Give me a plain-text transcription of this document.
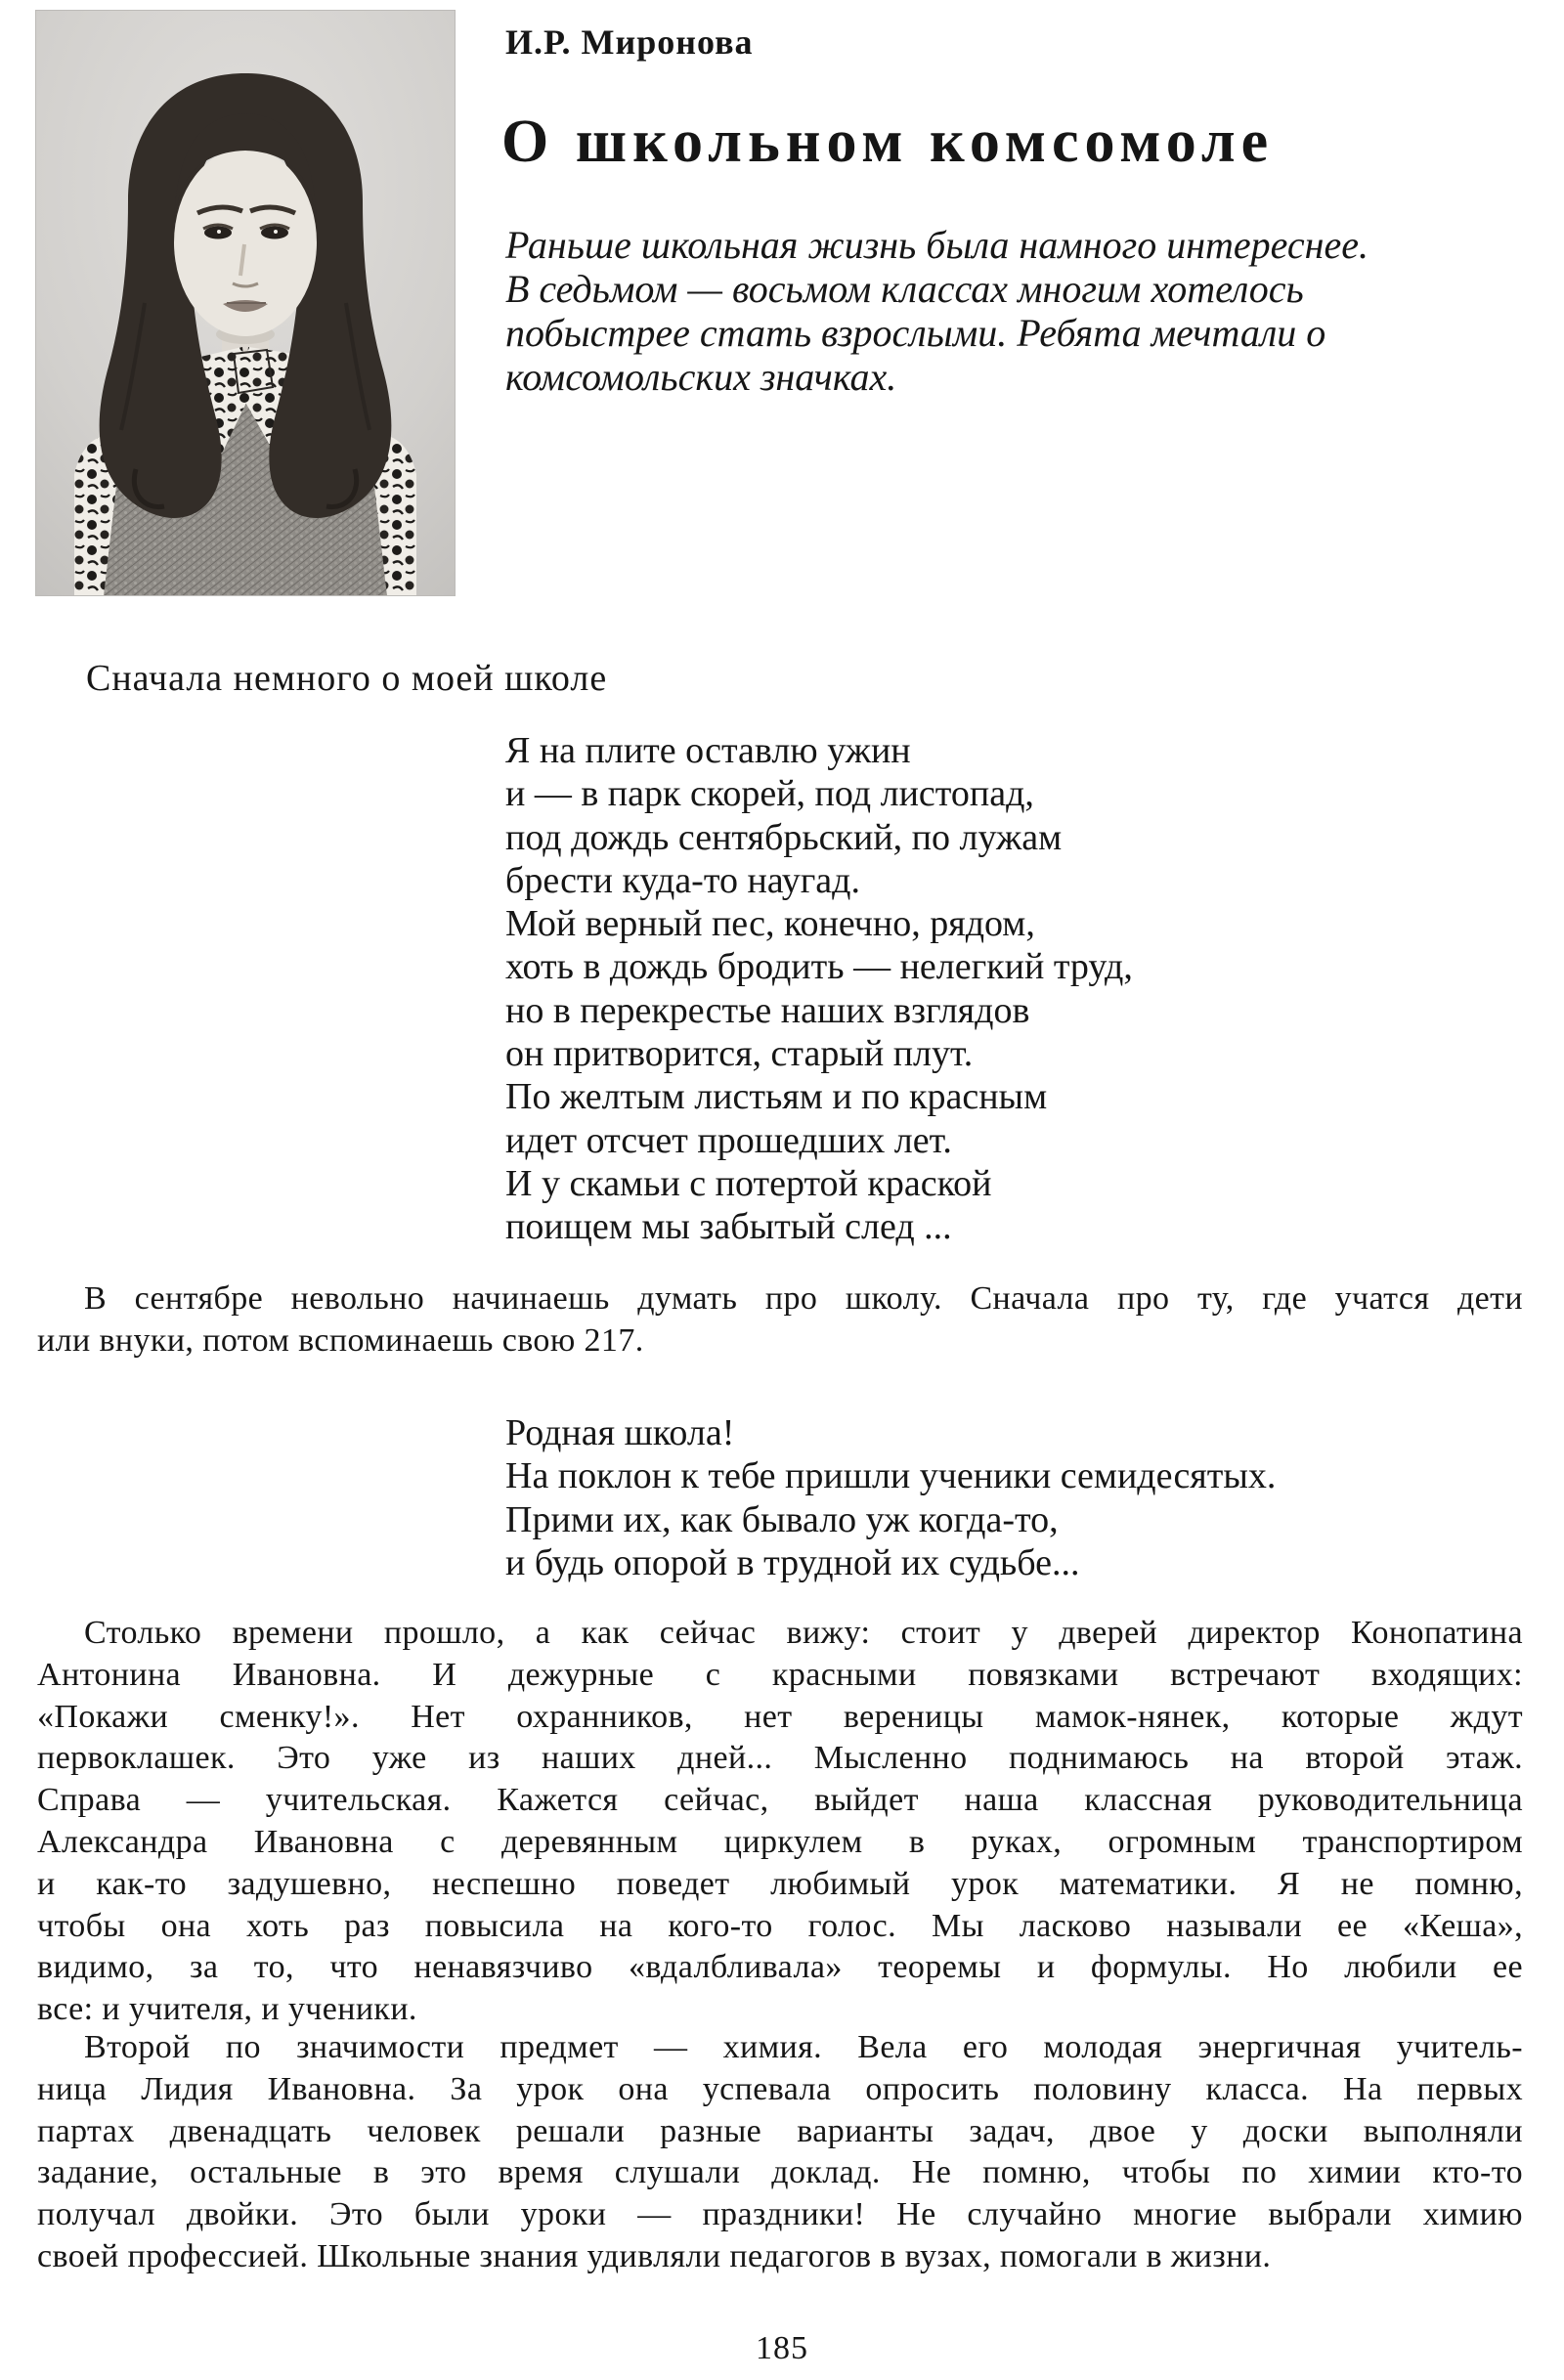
И.Р. Миронова
О школьном комсомоле
Раньше школьная жизнь была намного интереснее.
В седьмом — восьмом классах многим хотелось
побыстрее стать взрослыми. Ребята мечтали о
комсомольских значках.
Сначала немного о моей школе
Я на плите оставлю ужин
и — в парк скорей, под листопад,
под дождь сентябрьский, по лужам
брести куда-то наугад.
Мой верный пес, конечно, рядом,
хоть в дождь бродить — нелегкий труд,
но в перекрестье наших взглядов
он притворится, старый плут.
По желтым листьям и по красным
идет отсчет прошедших лет.
И у скамьи с потертой краской
поищем мы забытый след ...
В сентябре невольно начинаешь думать про школу. Сначала про ту, где учатся дети
или внуки, потом вспоминаешь свою 217.
Родная школа!
На поклон к тебе пришли ученики семидесятых.
Прими их, как бывало уж когда-то,
и будь опорой в трудной их судьбе...
Столько времени прошло, а как сейчас вижу: стоит у дверей директор Конопатина
Антонина Ивановна. И дежурные с красными повязками встречают входящих:
«Покажи сменку!». Нет охранников, нет вереницы мамок-нянек, которые ждут
первоклашек. Это уже из наших дней... Мысленно поднимаюсь на второй этаж.
Справа — учительская. Кажется сейчас, выйдет наша классная руководительница
Александра Ивановна с деревянным циркулем в руках, огромным транспортиром
и как-то задушевно, неспешно поведет любимый урок математики. Я не помню,
чтобы она хоть раз повысила на кого-то голос. Мы ласково называли ее «Кеша»,
видимо, за то, что ненавязчиво «вдалбливала» теоремы и формулы. Но любили ее
все: и учителя, и ученики.
Второй по значимости предмет — химия. Вела его молодая энергичная учитель-
ница Лидия Ивановна. За урок она успевала опросить половину класса. На первых
партах двенадцать человек решали разные варианты задач, двое у доски выполняли
задание, остальные в это время слушали доклад. Не помню, чтобы по химии кто-то
получал двойки. Это были уроки — праздники! Не случайно многие выбрали химию
своей профессией. Школьные знания удивляли педагогов в вузах, помогали в жизни.
185
